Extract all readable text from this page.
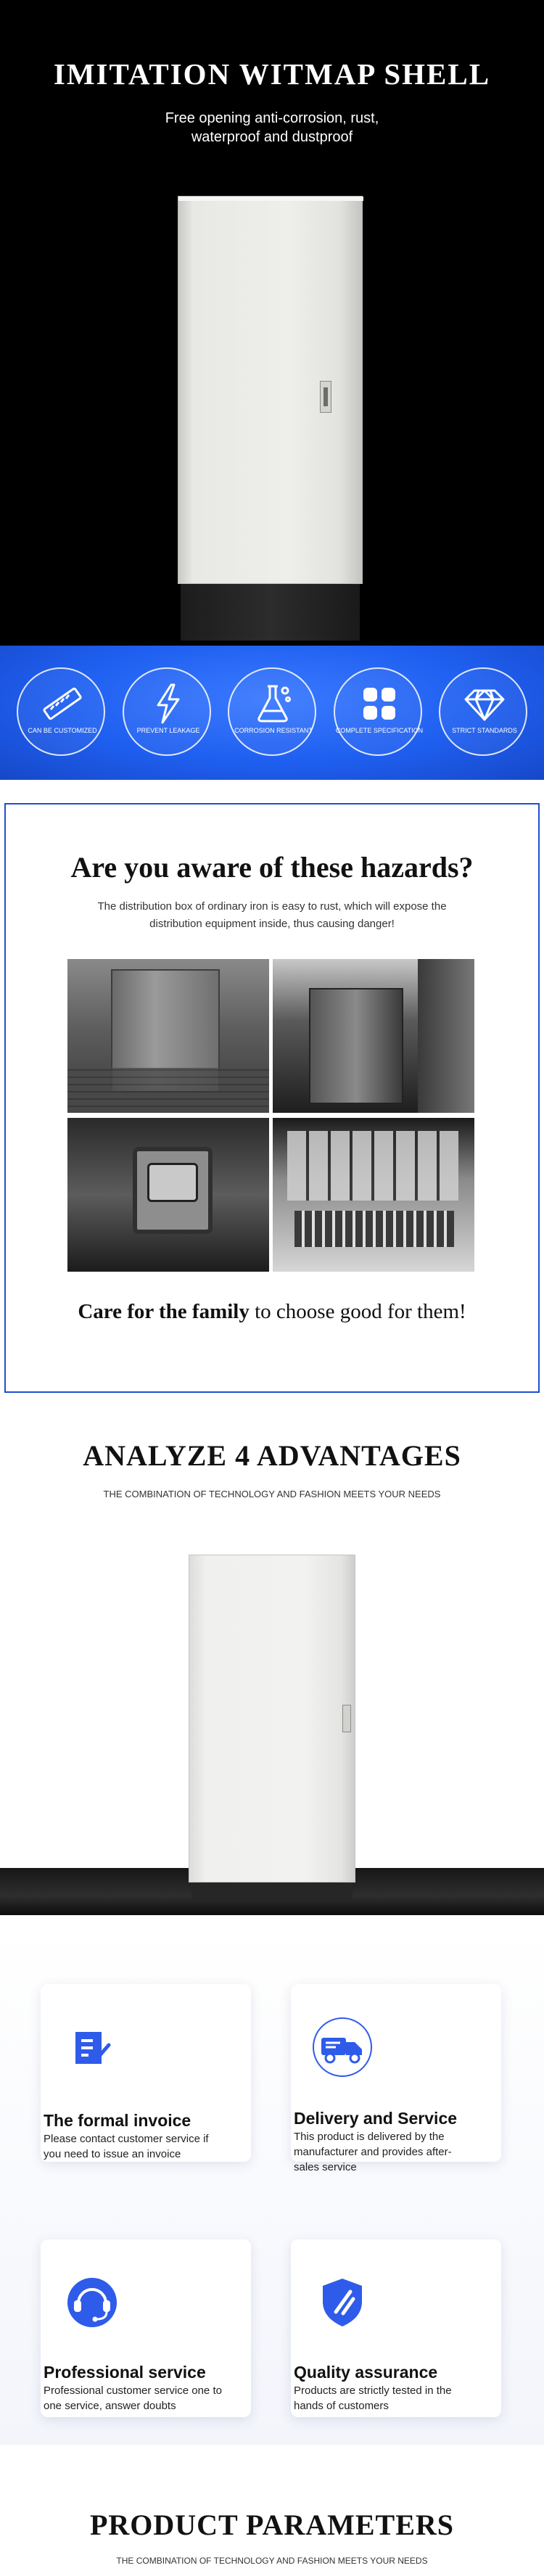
IMITATION WITMAP SHELL
Free opening anti-corrosion, rust,
waterproof and dustproof
CAN BE CUSTOMIZED	PREVENT LEAKAGE	CORROSION RESISTANT	COMPLETE SPECIFICATION	STRICT STANDARDS
Are you aware of these hazards?

The distribution box of ordinary iron is easy to rust, which will expose the distribution equipment inside, thus causing danger!

Care for the family to choose good for them!
ANALYZE 4 ADVANTAGES
THE COMBINATION OF TECHNOLOGY AND FASHION MEETS YOUR NEEDS
The formal invoice
Please contact customer service if you need to issue an invoice
Delivery and Service
This product is delivered by the manufacturer and provides after-sales service
Professional service
Professional customer service one to one service, answer doubts
Quality assurance
Products are strictly tested in the hands of customers
PRODUCT PARAMETERS
THE COMBINATION OF TECHNOLOGY AND FASHION MEETS YOUR NEEDS
